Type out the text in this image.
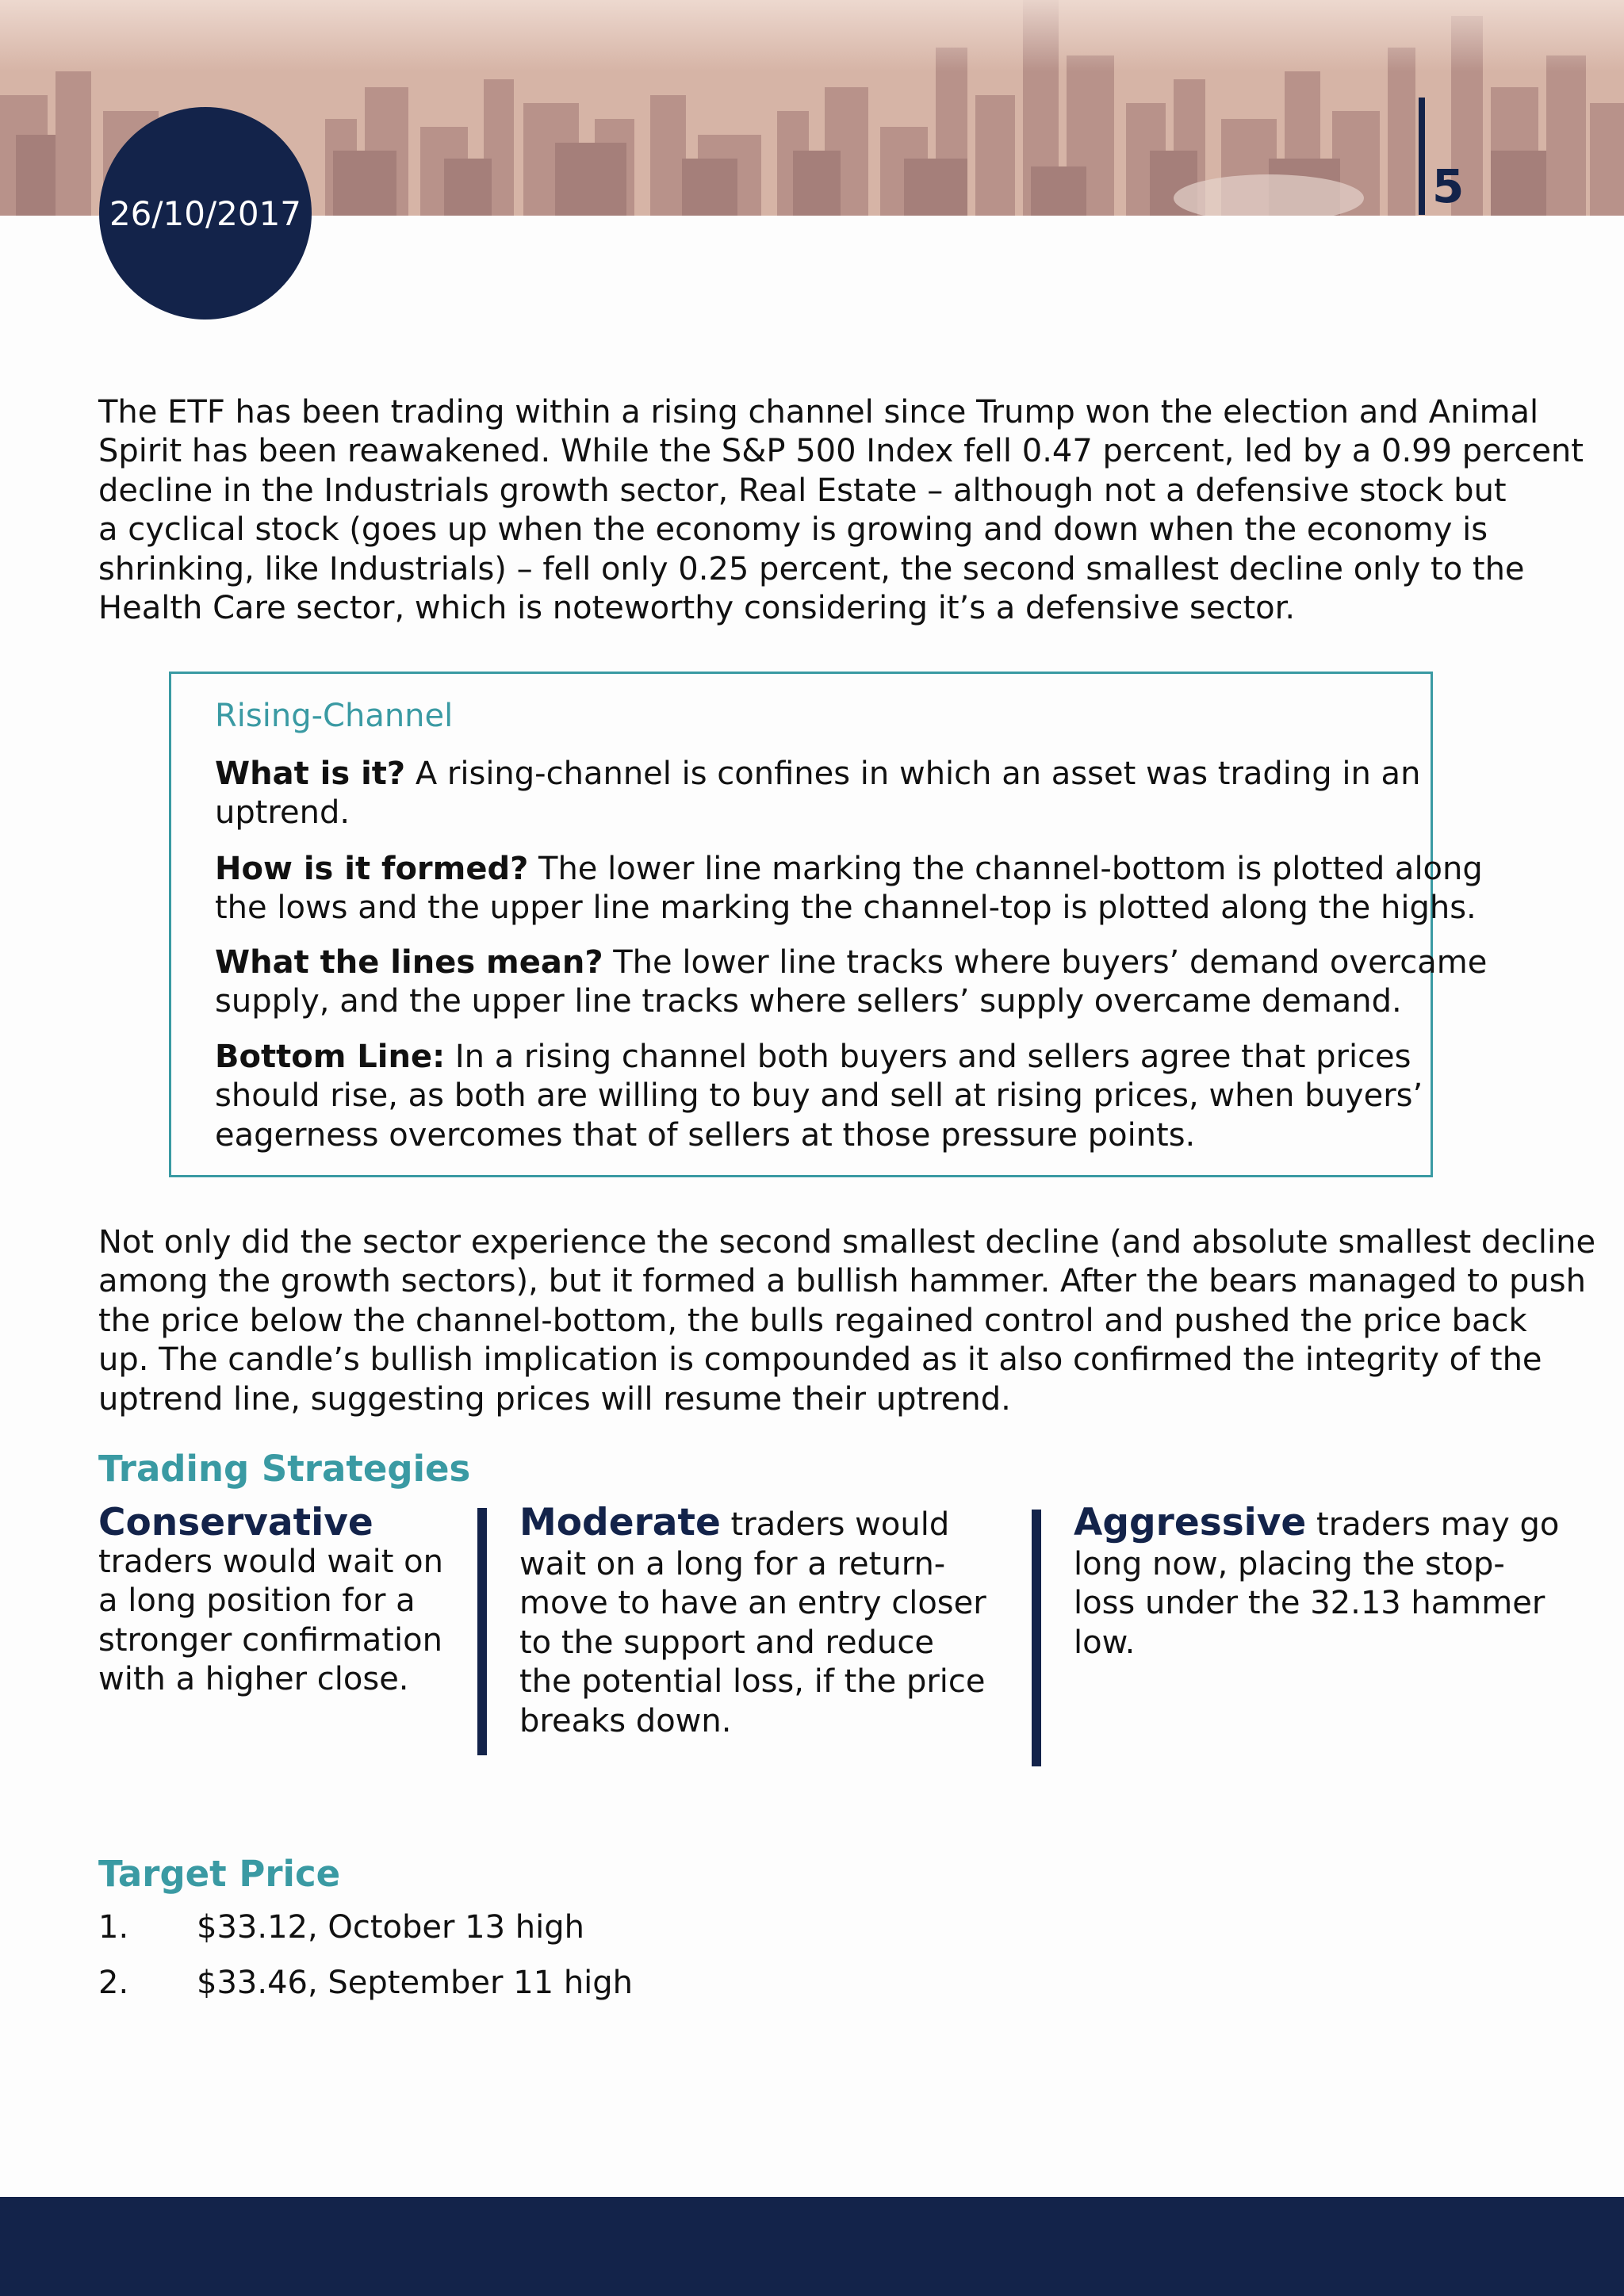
26/10/2017	5

The ETF has been trading within a rising channel since Trump won the election and Animal
Spirit has been reawakened. While the S&P 500 Index fell 0.47 percent, led by a 0.99 percent
decline in the Industrials growth sector, Real Estate – although not a defensive stock but
a cyclical stock (goes up when the economy is growing and down when the economy is
shrinking, like Industrials) – fell only 0.25 percent, the second smallest decline only to the
Health Care sector, which is noteworthy considering it’s a defensive sector.

Rising-Channel
What is it? A rising-channel is confines in which an asset was trading in an
uptrend.
How is it formed? The lower line marking the channel-bottom is plotted along
the lows and the upper line marking the channel-top is plotted along the highs.
What the lines mean? The lower line tracks where buyers’ demand overcame
supply, and the upper line tracks where sellers’ supply overcame demand.
Bottom Line: In a rising channel both buyers and sellers agree that prices
should rise, as both are willing to buy and sell at rising prices, when buyers’
eagerness overcomes that of sellers at those pressure points.

Not only did the sector experience the second smallest decline (and absolute smallest decline
among the growth sectors), but it formed a bullish hammer. After the bears managed to push
the price below the channel-bottom, the bulls regained control and pushed the price back
up. The candle’s bullish implication is compounded as it also confirmed the integrity of the
uptrend line, suggesting prices will resume their uptrend.

Trading Strategies
Conservative
traders would wait on
a long position for a
stronger confirmation
with a higher close.
Moderate traders would
wait on a long for a return-
move to have an entry closer
to the support and reduce
the potential loss, if the price
breaks down.
Aggressive traders may go
long now, placing the stop-
loss under the 32.13 hammer
low.
Target Price
1. $33.12, October 13 high
2. $33.46, September 11 high
